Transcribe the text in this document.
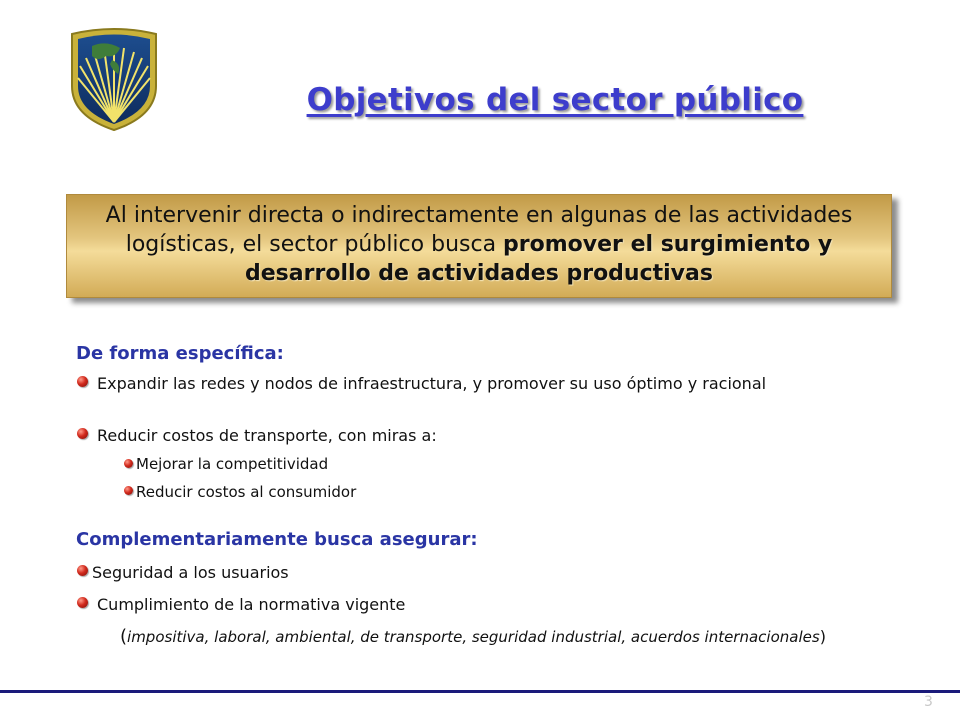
Objetivos del sector público
Al intervenir directa o indirectamente en algunas de las actividades logísticas, el sector público busca promover el surgimiento y desarrollo de actividades productivas
De forma específica:
Expandir las redes y nodos de infraestructura, y promover su uso óptimo y racional
Reducir costos de transporte, con miras a:
Mejorar la competitividad
Reducir costos al consumidor
Complementariamente busca asegurar:
Seguridad a los usuarios
Cumplimiento de la normativa vigente
(impositiva, laboral, ambiental, de transporte, seguridad industrial, acuerdos internacionales)
3
